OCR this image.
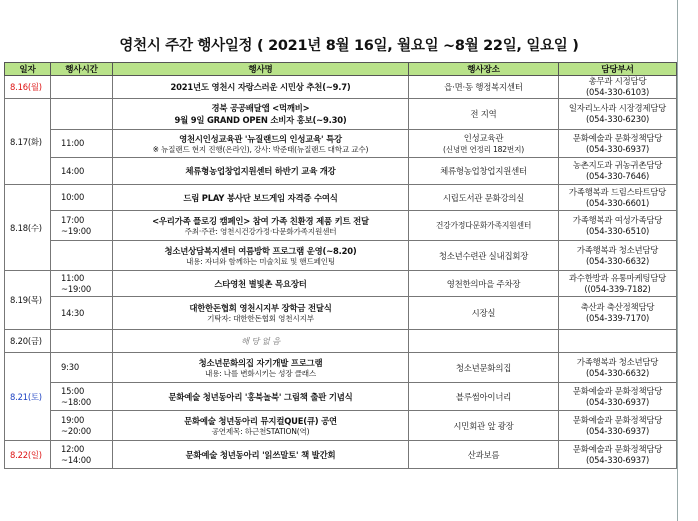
영천시 주간 행사일정 ( 2021년 8월 16일, 월요일 ~8월 22일, 일요일 )
일자	행사시간	행사명	행사장소	담당부서
8.16(월)		2021년도 영천시 자랑스러운 시민상 추천(~9.7)	읍·면·동 행정복지센터	총무과 시정담당
(054-330-6103)

8.17(화)		경북 공공배달앱 <먹깨비>
9월 9일 GRAND OPEN 소비자 홍보(~9.30)	전 지역	일자리노사과 시장경제담당
(054-330-6230)

	11:00	영천시인성교육관 '뉴질랜드의 인성교육' 특강
※ 뉴질랜드 현지 진행(온라인), 강사: 박준태(뉴질랜드 대학교 교수)	인성교육관
(신녕면 연정리 182번지)	문화예술과 문화정책담당
(054-330-6937)

	14:00	체류형농업창업지원센터 하반기 교육 개강	체류형농업창업지원센터	농촌지도과 귀농귀촌담당
(054-330-7646)

8.18(수)	10:00	드림 PLAY 봉사단 보드게임 자격증 수여식	시립도서관 문화강의실	가족행복과 드림스타트담당
(054-330-6601)

	17:00
~19:00	<우리가족 플로깅 캠페인> 참여 가족 친환경 제품 키트 전달
주최·주관: 영천시건강가정·다문화가족지원센터	건강가정다문화가족지원센터	가족행복과 여성가족담당
(054-330-6510)

		청소년상담복지센터 여름방학 프로그램 운영(~8.20)
내용: 자녀와 함께하는 미술치료 및 핸드페인팅	청소년수련관 실내집회장	가족행복과 청소년담당
(054-330-6632)

8.19(목)	11:00
~19:00	스타영천 별빛촌 목요장터	영천한의마을 주차장	과수한방과 유통마케팅담당
((054-339-7182)

	14:30	대한한돈협회 영천시지부 장학금 전달식
기탁자: 대한한돈협회 영천시지부	시장실	축산과 축산정책담당
(054-339-7170)

8.20(금)		해 당 없 음		
8.21(토)	9:30	청소년문화의집 자기개발 프로그램
내용: 나를 변화시키는 성장 클래스	청소년문화의집	가족행복과 청소년담당
(054-330-6632)

	15:00
~18:00	문화예술 청년동아리 '홍북놀북' 그림책 출판 기념식	블루썸아이너리	문화예술과 문화정책담당
(054-330-6937)

	19:00
~20:00	문화예술 청년동아리 뮤지컬QUE(큐) 공연
공연제목: 하근천STATION(역)	시민회관 앞 광장	문화예술과 문화정책담당
(054-330-6937)

8.22(일)	12:00
~14:00	문화예술 청년동아리 '읽쓰말토' 책 발간회	산과보름	문화예술과 문화정책담당
(054-330-6937)
